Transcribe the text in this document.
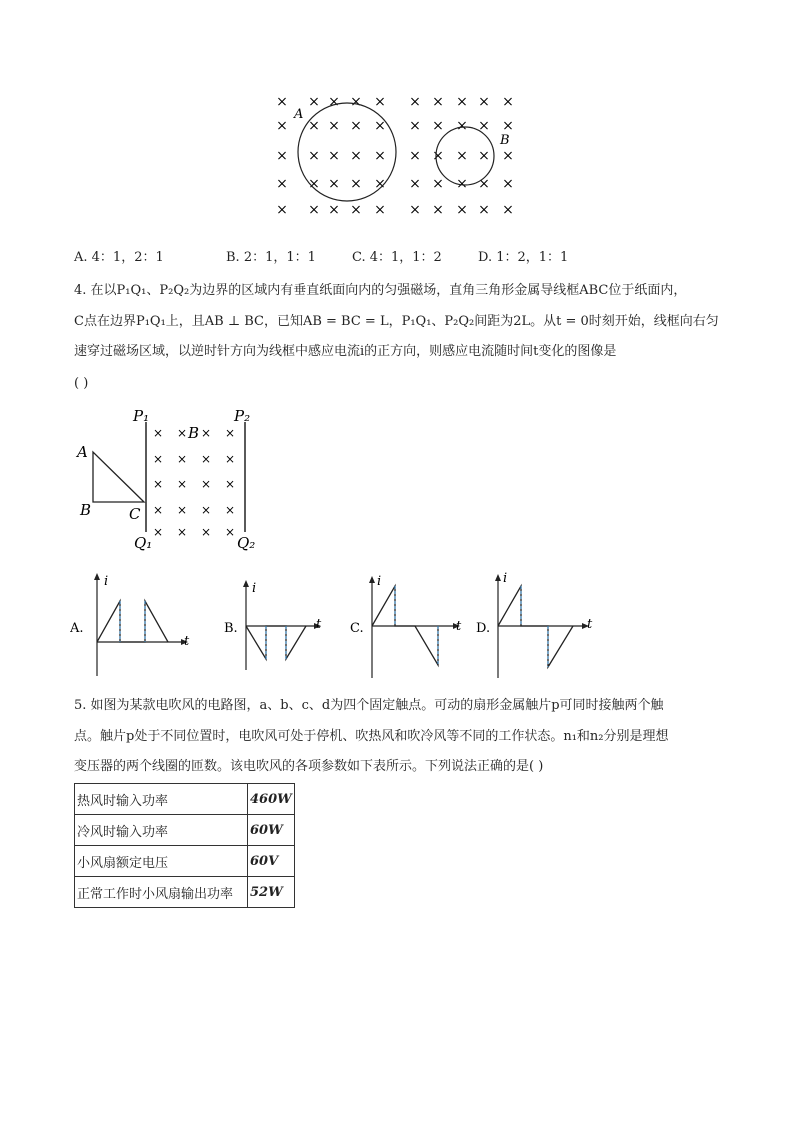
× × × × × × × × × ×
× × × × × × × × × ×
× × × × × × × × × ×
× × × × × × × × × ×
× × × × × × × × × ×
A
B
A. 4：1，2：1	B. 2：1，1：1	C. 4：1，1：2	D. 1：2，1：1
4. 在以P₁Q₁、P₂Q₂为边界的区域内有垂直纸面向内的匀强磁场，直角三角形金属导线框ABC位于纸面内，
C点在边界P₁Q₁上，且AB ⊥ BC，已知AB = BC = L，P₁Q₁、P₂Q₂间距为2L。从t = 0时刻开始，线框向右匀
速穿过磁场区域，以逆时针方向为线框中感应电流i的正方向，则感应电流随时间t变化的图像是
( )
× × × ×
× × × ×
× × × ×
× × × ×
× × × ×
P₁	P₂
Q₁	Q₂
A
B	C
B
A.
i
t
B.
i
t C.
i
t D.
i
t
5. 如图为某款电吹风的电路图，a、b、c、d为四个固定触点。可动的扇形金属触片p可同时接触两个触
点。触片p处于不同位置时，电吹风可处于停机、吹热风和吹冷风等不同的工作状态。n₁和n₂分别是理想
变压器的两个线圈的匝数。该电吹风的各项参数如下表所示。下列说法正确的是( )
热风时输入功率	460W
冷风时输入功率	60W
小风扇额定电压	60V
正常工作时小风扇输出功率	52W
